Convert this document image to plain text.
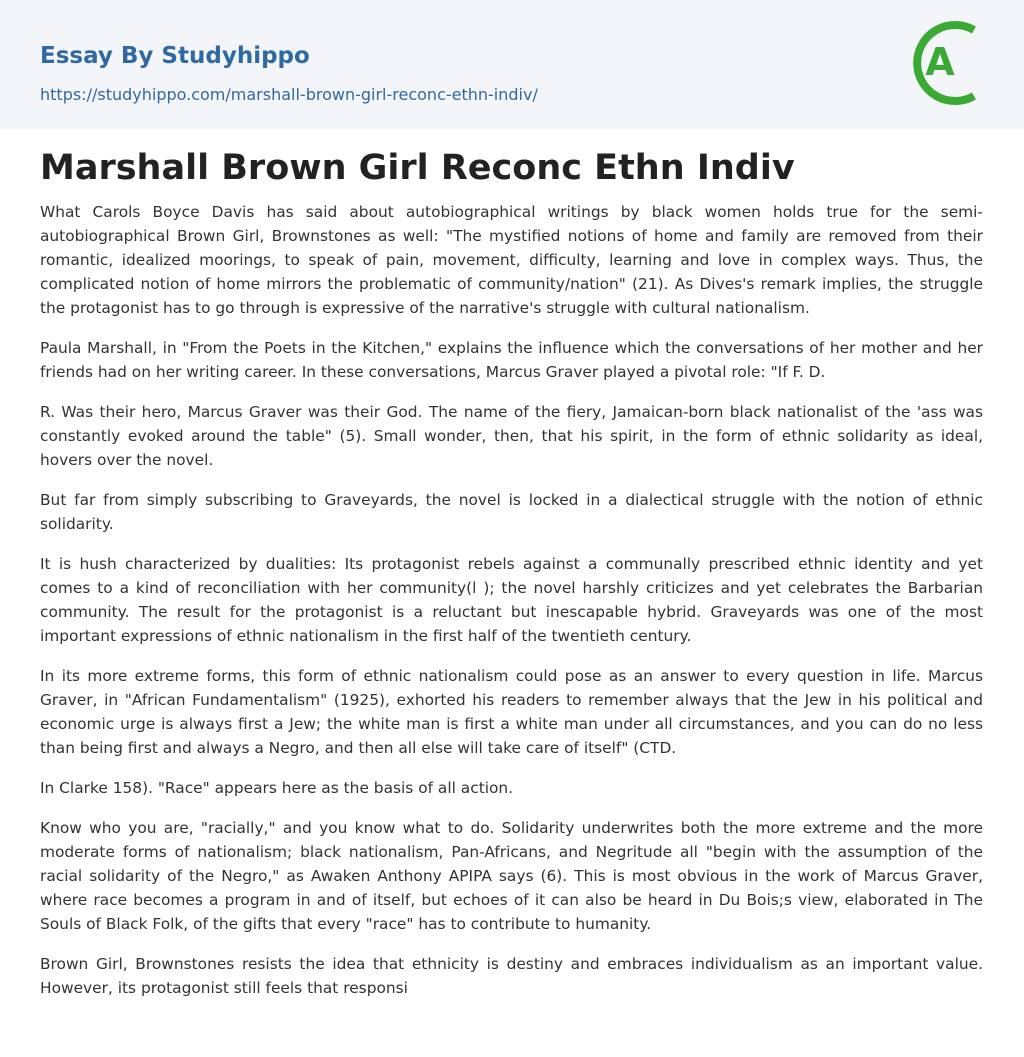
Essay By Studyhippo
https://studyhippo.com/marshall-brown-girl-reconc-ethn-indiv/
A
Marshall Brown Girl Reconc Ethn Indiv

What Carols Boyce Davis has said about autobiographical writings by black women holds true for the semi-autobiographical Brown Girl, Brownstones as well: "The mystified notions of home and family are removed from their romantic, idealized moorings, to speak of pain, movement, difficulty, learning and love in complex ways. Thus, the complicated notion of home mirrors the problematic of community/nation" (21). As Dives's remark implies, the struggle the protagonist has to go through is expressive of the narrative's struggle with cultural nationalism.

Paula Marshall, in "From the Poets in the Kitchen," explains the influence which the conversations of her mother and her friends had on her writing career. In these conversations, Marcus Graver played a pivotal role: "If F. D.

R. Was their hero, Marcus Graver was their God. The name of the fiery, Jamaican-born black nationalist of the 'ass was constantly evoked around the table" (5). Small wonder, then, that his spirit, in the form of ethnic solidarity as ideal, hovers over the novel.

But far from simply subscribing to Graveyards, the novel is locked in a dialectical struggle with the notion of ethnic solidarity.

It is hush characterized by dualities: Its protagonist rebels against a communally prescribed ethnic identity and yet comes to a kind of reconciliation with her community(l ); the novel harshly criticizes and yet celebrates the Barbarian community. The result for the protagonist is a reluctant but inescapable hybrid. Graveyards was one of the most important expressions of ethnic nationalism in the first half of the twentieth century.

In its more extreme forms, this form of ethnic nationalism could pose as an answer to every question in life. Marcus Graver, in "African Fundamentalism" (1925), exhorted his readers to remember always that the Jew in his political and economic urge is always first a Jew; the white man is first a white man under all circumstances, and you can do no less than being first and always a Negro, and then all else will take care of itself" (CTD.

In Clarke 158). "Race" appears here as the basis of all action.

Know who you are, "racially," and you know what to do. Solidarity underwrites both the more extreme and the more moderate forms of nationalism; black nationalism, Pan-Africans, and Negritude all "begin with the assumption of the racial solidarity of the Negro," as Awaken Anthony APIPA says (6). This is most obvious in the work of Marcus Graver, where race becomes a program in and of itself, but echoes of it can also be heard in Du Bois;s view, elaborated in The Souls of Black Folk, of the gifts that every "race" has to contribute to humanity.

Brown Girl, Brownstones resists the idea that ethnicity is destiny and embraces individualism as an important value. However, its protagonist still feels that responsi
